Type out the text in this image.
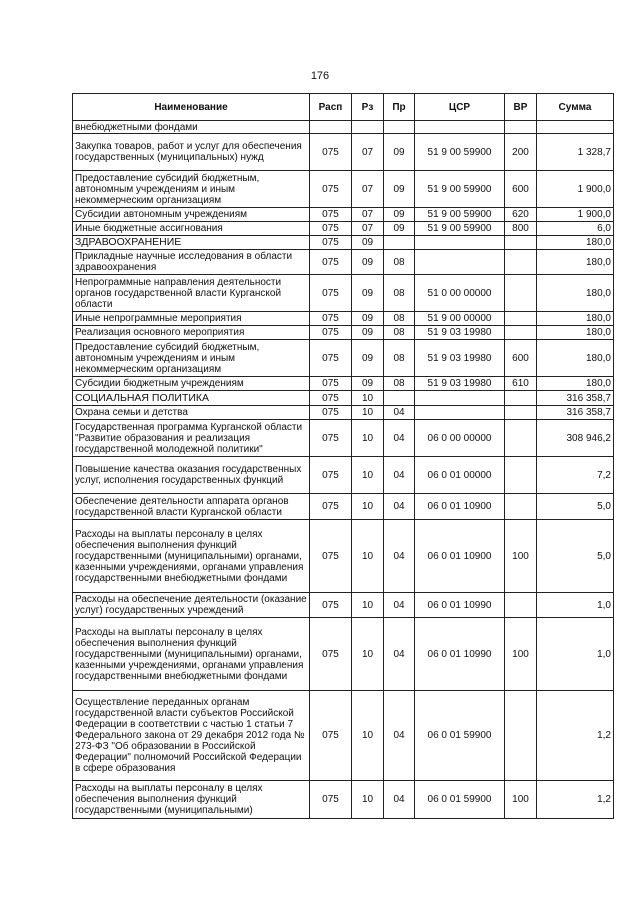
176
Наименование	Расп	Рз	Пр	ЦСР	ВР	Сумма
внебюджетными фондами						
Закупка товаров, работ и услуг для обеспечения государственных (муниципальных) нужд	075	07	09	51 9 00 59900	200	1 328,7
Предоставление субсидий бюджетным, автономным учреждениям и иным некоммерческим организациям	075	07	09	51 9 00 59900	600	1 900,0
Субсидии автономным учреждениям	075	07	09	51 9 00 59900	620	1 900,0
Иные бюджетные ассигнования	075	07	09	51 9 00 59900	800	6,0
ЗДРАВООХРАНЕНИЕ	075	09				180,0
Прикладные научные исследования в области здравоохранения	075	09	08			180,0
Непрограммные направления деятельности органов государственной власти Курганской области	075	09	08	51 0 00 00000		180,0
Иные непрограммные мероприятия	075	09	08	51 9 00 00000		180,0
Реализация основного мероприятия	075	09	08	51 9 03 19980		180,0
Предоставление субсидий бюджетным, автономным учреждениям и иным некоммерческим организациям	075	09	08	51 9 03 19980	600	180,0
Субсидии бюджетным учреждениям	075	09	08	51 9 03 19980	610	180,0
СОЦИАЛЬНАЯ ПОЛИТИКА	075	10				316 358,7
Охрана семьи и детства	075	10	04			316 358,7
Государственная программа Курганской области "Развитие образования и реализация государственной молодежной политики"	075	10	04	06 0 00 00000		308 946,2
Повышение качества оказания государственных услуг, исполнения государственных функций	075	10	04	06 0 01 00000		7,2
Обеспечение деятельности аппарата органов государственной власти Курганской области	075	10	04	06 0 01 10900		5,0
Расходы на выплаты персоналу в целях обеспечения выполнения функций государственными (муниципальными) органами, казенными учреждениями, органами управления государственными внебюджетными фондами	075	10	04	06 0 01 10900	100	5,0
Расходы на обеспечение деятельности (оказание услуг) государственных учреждений	075	10	04	06 0 01 10990		1,0
Расходы на выплаты персоналу в целях обеспечения выполнения функций государственными (муниципальными) органами, казенными учреждениями, органами управления государственными внебюджетными фондами	075	10	04	06 0 01 10990	100	1,0
Осуществление переданных органам государственной власти субъектов Российской Федерации в соответствии с частью 1 статьи 7 Федерального закона от 29 декабря 2012 года № 273-ФЗ "Об образовании в Российской Федерации" полномочий Российской Федерации в сфере образования	075	10	04	06 0 01 59900		1,2
Расходы на выплаты персоналу в целях обеспечения выполнения функций государственными (муниципальными)	075	10	04	06 0 01 59900	100	1,2
